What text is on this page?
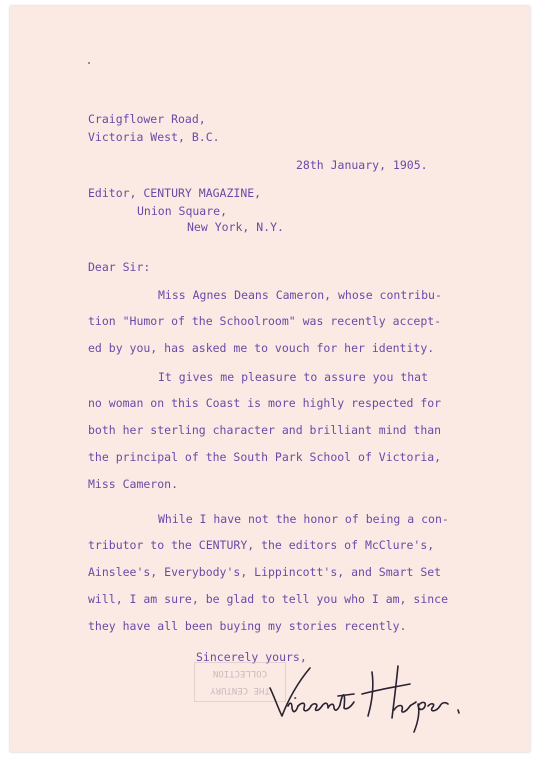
Craigflower Road,
Victoria West, B.C.
28th January, 1905.
Editor, CENTURY MAGAZINE,
Union Square,
New York, N.Y.
Dear Sir:
Miss Agnes Deans Cameron, whose contribu-
tion "Humor of the Schoolroom" was recently accept-
ed by you, has asked me to vouch for her identity.
It gives me pleasure to assure you that
no woman on this Coast is more highly respected for
both her sterling character and brilliant mind than
the principal of the South Park School of Victoria,
Miss Cameron.
While I have not the honor of being a con-
tributor to the CENTURY, the editors of McClure's,
Ainslee's, Everybody's, Lippincott's, and Smart Set
will, I am sure, be glad to tell you who I am, since
they have all been buying my stories recently.
Sincerely yours,
THE CENTURY
COLLECTION
